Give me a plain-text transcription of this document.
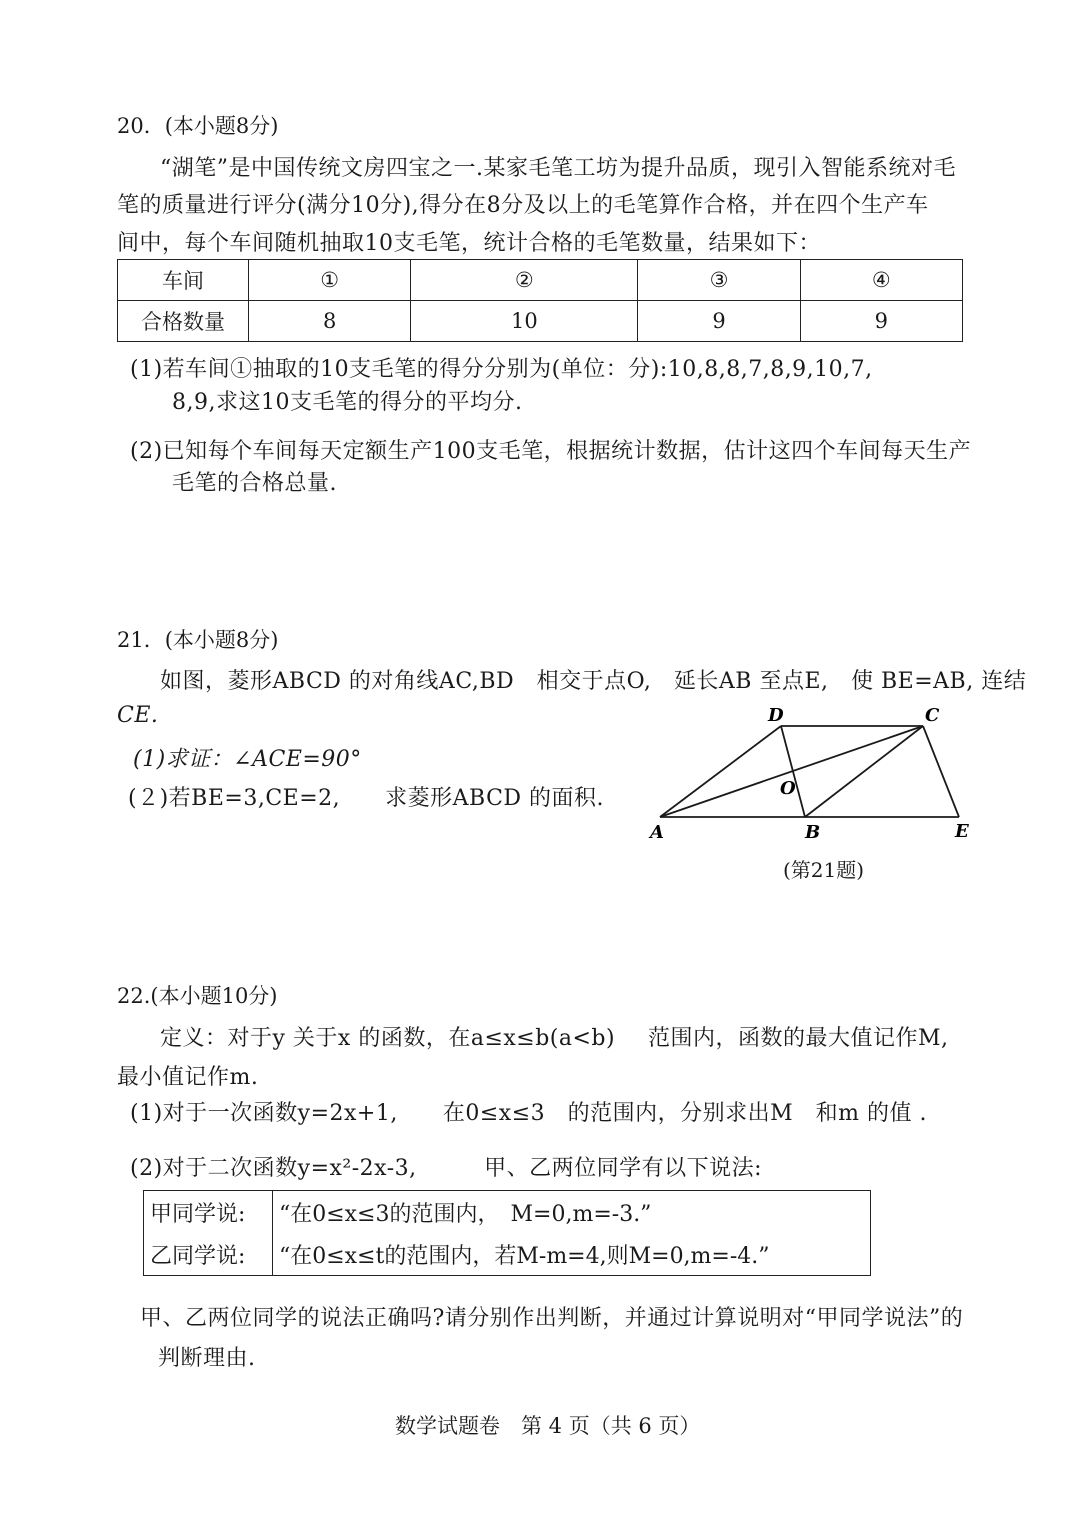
20．(本小题8分)
“湖笔”是中国传统文房四宝之一.某家毛笔工坊为提升品质，现引入智能系统对毛
笔的质量进行评分(满分10分),得分在8分及以上的毛笔算作合格，并在四个生产车
间中，每个车间随机抽取10支毛笔，统计合格的毛笔数量，结果如下：
车间	①	②	③	④
合格数量	8	10	9	9
(1)若车间①抽取的10支毛笔的得分分别为(单位：分):10,8,8,7,8,9,10,7,
8,9,求这10支毛笔的得分的平均分.
(2)已知每个车间每天定额生产100支毛笔，根据统计数据，估计这四个车间每天生产
毛笔的合格总量.
21．(本小题8分)
如图，菱形ABCD 的对角线AC,BD　相交于点O,　延长AB 至点E,　使 BE=AB, 连结
CE.
(1)求证：∠ACE=90°
(２)若BE=3,CE=2,　　求菱形ABCD 的面积.
D	C
O
A	B	E
(第21题)
22.(本小题10分)
定义：对于y 关于x 的函数，在a≤x≤b(a<b) 范围内，函数的最大值记作M,
最小值记作m.
(1)对于一次函数y=2x+1,　　在0≤x≤3　的范围内，分别求出M　和m 的值 .
(2)对于二次函数y=x²-2x-3,　　　甲、乙两位同学有以下说法:
甲同学说:	“在0≤x≤3的范围内，　M=0,m=-3.”
乙同学说:	“在0≤x≤t的范围内，若M-m=4,则M=0,m=-4.”
甲、乙两位同学的说法正确吗?请分别作出判断，并通过计算说明对“甲同学说法”的
判断理由.
数学试题卷　第 4 页（共 6 页）
